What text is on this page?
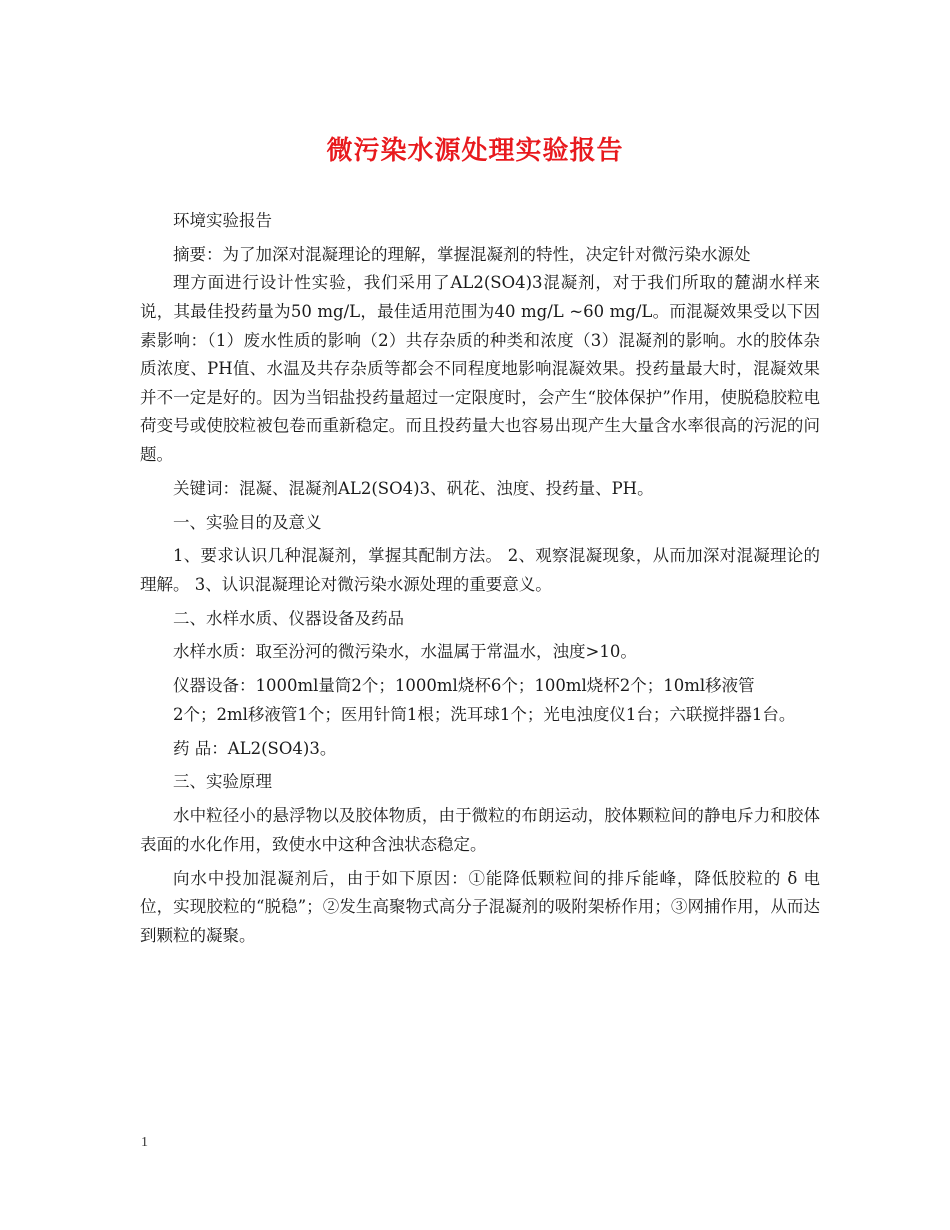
微污染水源处理实验报告

环境实验报告

摘要：为了加深对混凝理论的理解，掌握混凝剂的特性，决定针对微污染水源处

理方面进行设计性实验，我们采用了AL2(SO4)3混凝剂，对于我们所取的麓湖水样来说，其最佳投药量为50 mg/L，最佳适用范围为40 mg/L ~60 mg/L。而混凝效果受以下因素影响：（1）废水性质的影响（2）共存杂质的种类和浓度（3）混凝剂的影响。水的胶体杂质浓度、PH值、水温及共存杂质等都会不同程度地影响混凝效果。投药量最大时，混凝效果并不一定是好的。因为当铝盐投药量超过一定限度时，会产生“胶体保护”作用，使脱稳胶粒电荷变号或使胶粒被包卷而重新稳定。而且投药量大也容易出现产生大量含水率很高的污泥的问题。

关键词：混凝、混凝剂AL2(SO4)3、矾花、浊度、投药量、PH。

一、实验目的及意义

1、要求认识几种混凝剂，掌握其配制方法。 2、观察混凝现象，从而加深对混凝理论的理解。 3、认识混凝理论对微污染水源处理的重要意义。

二、水样水质、仪器设备及药品

水样水质：取至汾河的微污染水，水温属于常温水，浊度>10。

仪器设备：1000ml量筒2个；1000ml烧杯6个；100ml烧杯2个；10ml移液管

2个；2ml移液管1个；医用针筒1根；洗耳球1个；光电浊度仪1台；六联搅拌器1台。

药 品：AL2(SO4)3。

三、实验原理

水中粒径小的悬浮物以及胶体物质，由于微粒的布朗运动，胶体颗粒间的静电斥力和胶体表面的水化作用，致使水中这种含浊状态稳定。

向水中投加混凝剂后，由于如下原因：①能降低颗粒间的排斥能峰，降低胶粒的 δ 电位，实现胶粒的“脱稳”；②发生高聚物式高分子混凝剂的吸附架桥作用；③网捕作用，从而达到颗粒的凝聚。

1
